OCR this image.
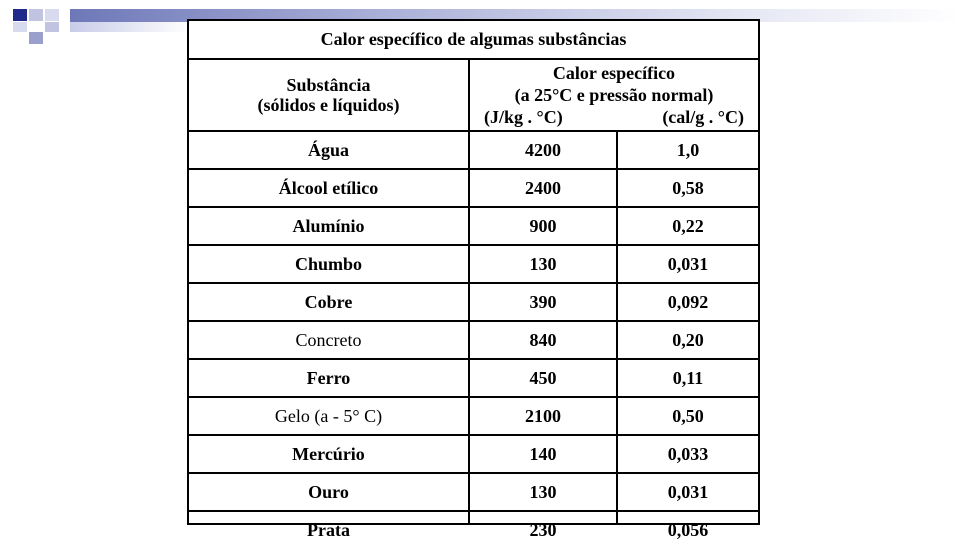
Calor específico de algumas substâncias
Substância
(sólidos e líquidos)
Calor específico
(a 25°C e pressão normal)
(J/kg . °C)	(cal/g . °C)
Água	4200	1,0
Álcool etílico	2400	0,58
Alumínio	900	0,22
Chumbo	130	0,031
Cobre	390	0,092
Concreto	840	0,20
Ferro	450	0,11
Gelo (a - 5° C)	2100	0,50
Mercúrio	140	0,033
Ouro	130	0,031
Prata	230	0,056
